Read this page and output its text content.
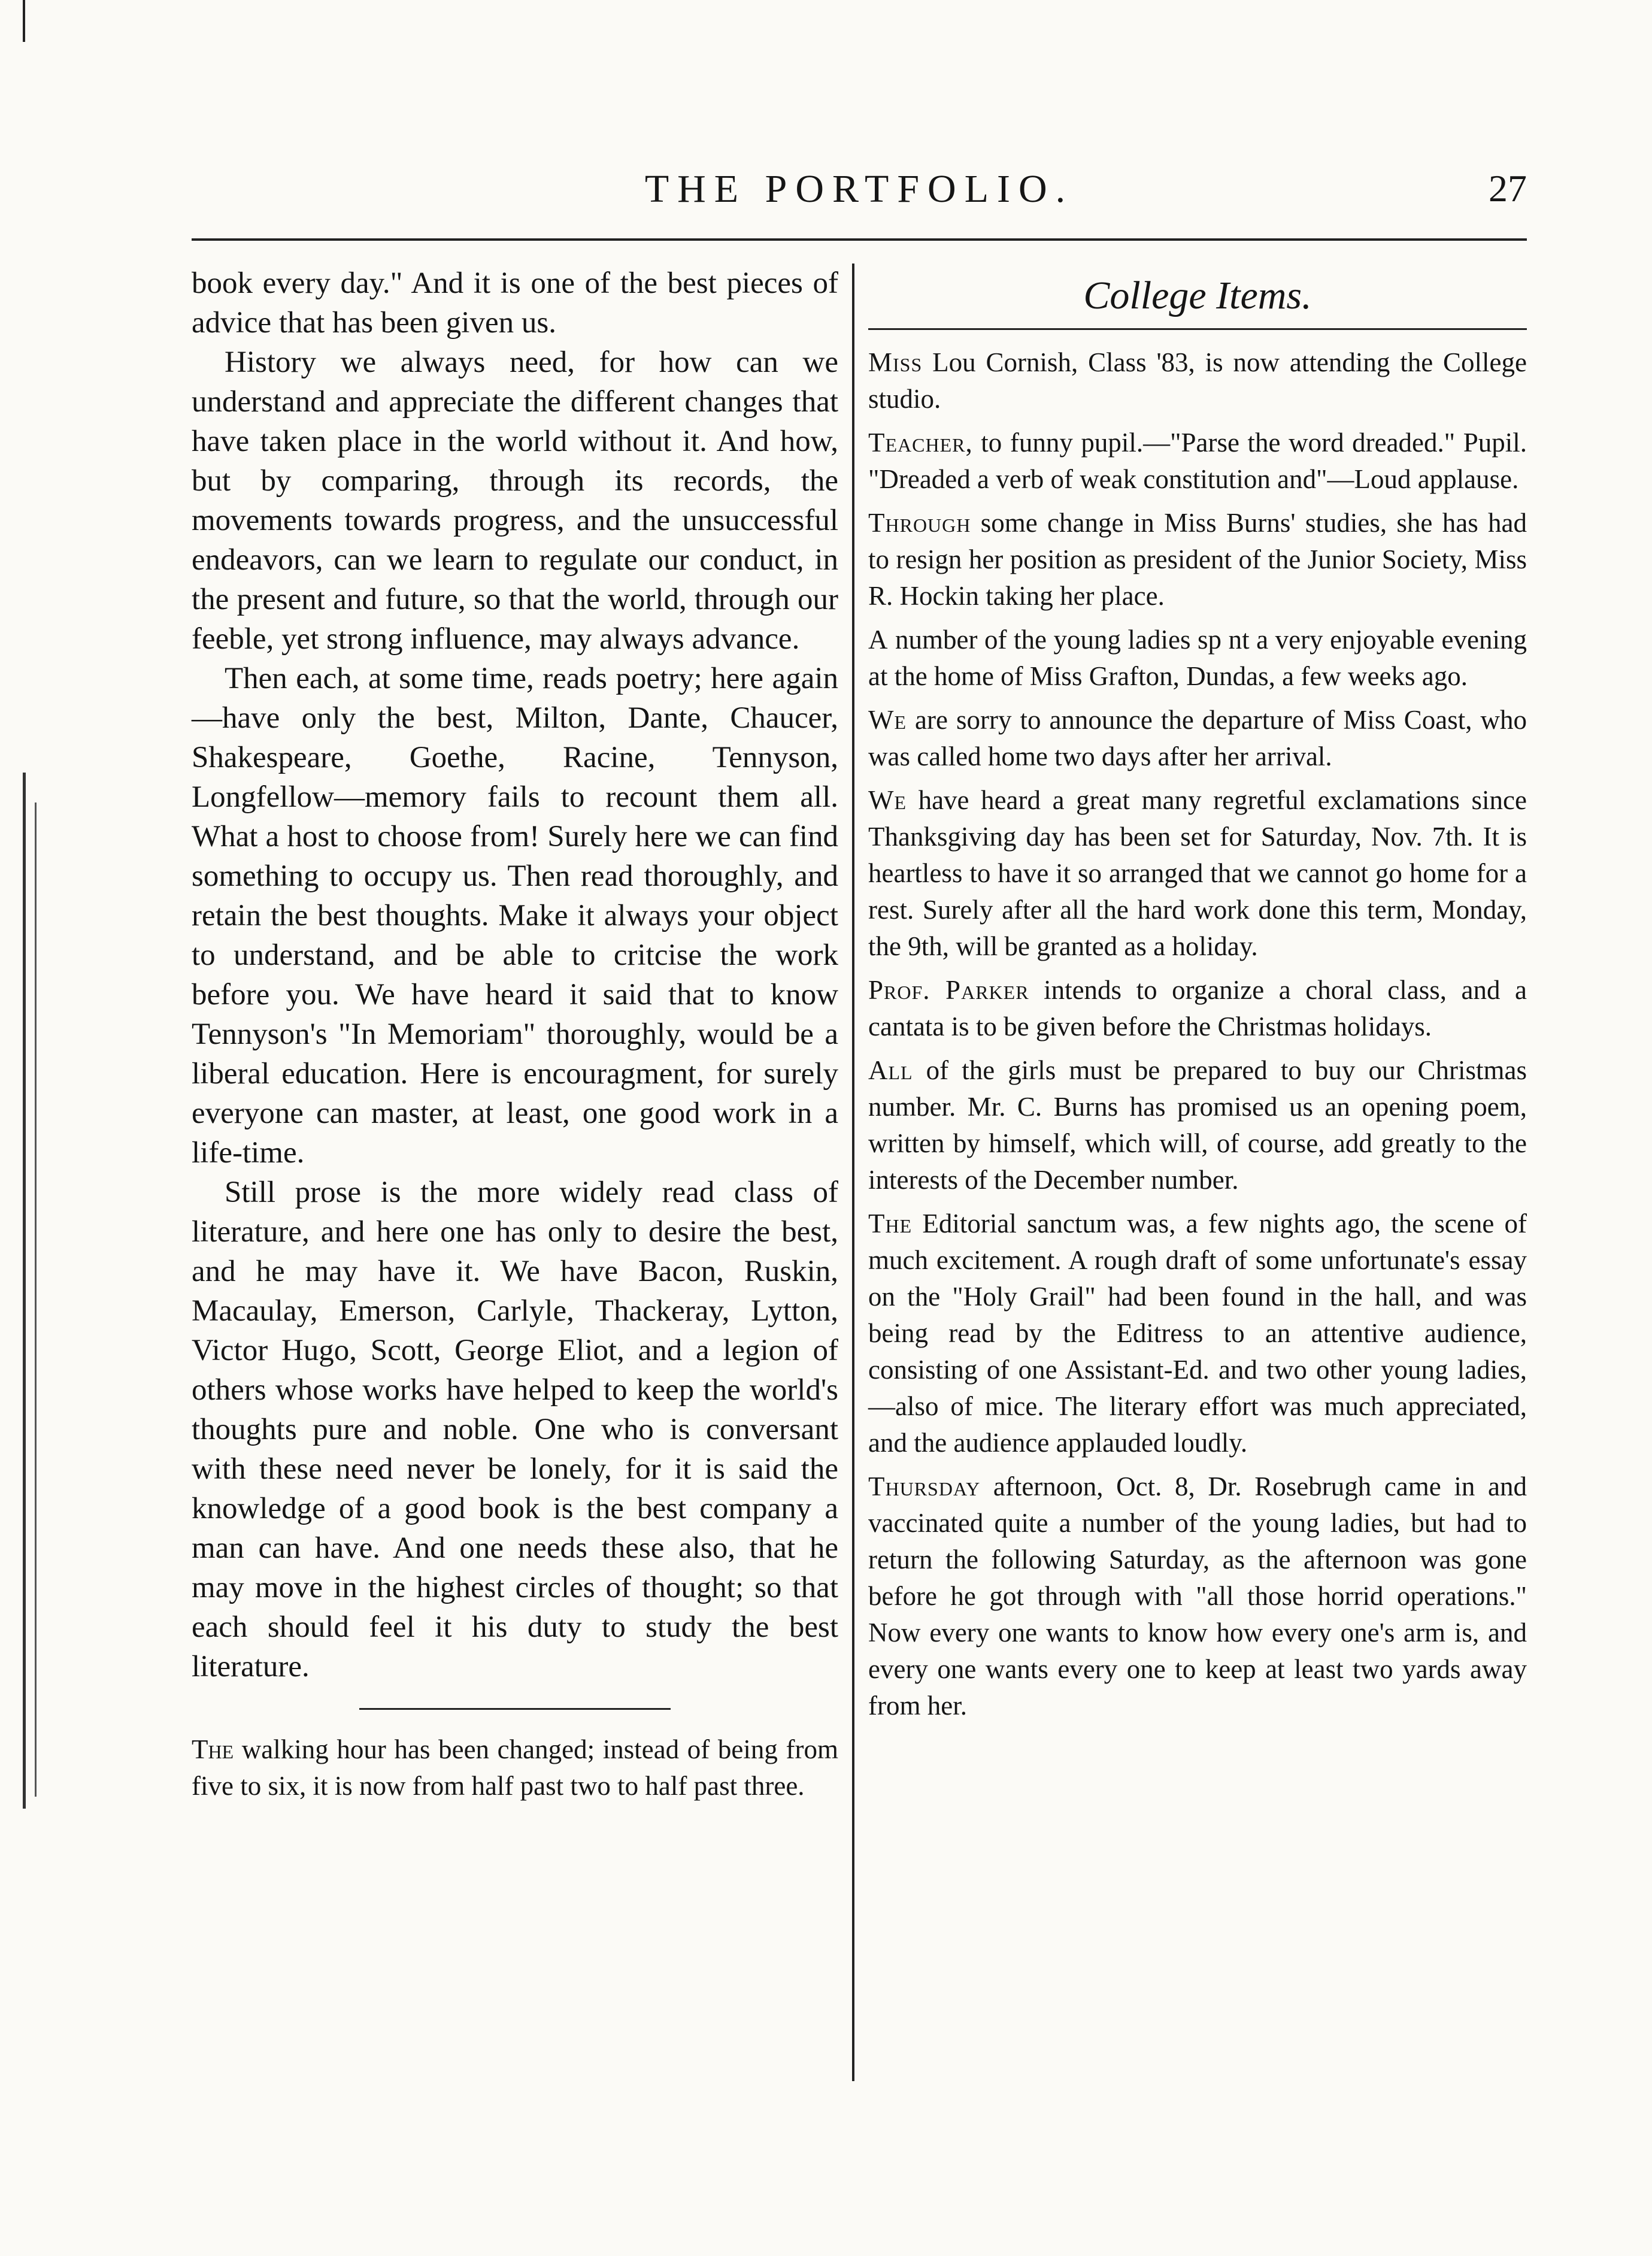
THE PORTFOLIO.	27

book every day." And it is one of the best pieces of advice that has been given us.

History we always need, for how can we understand and appreciate the different changes that have taken place in the world without it. And how, but by comparing, through its records, the movements towards progress, and the unsuccessful endeavors, can we learn to regulate our conduct, in the present and future, so that the world, through our feeble, yet strong influence, may always advance.

Then each, at some time, reads poetry; here again—have only the best, Milton, Dante, Chaucer, Shakespeare, Goethe, Racine, Tennyson, Longfellow—memory fails to recount them all. What a host to choose from! Surely here we can find something to occupy us. Then read thoroughly, and retain the best thoughts. Make it always your object to understand, and be able to critcise the work before you. We have heard it said that to know Tennyson's "In Memoriam" thoroughly, would be a liberal education. Here is encouragment, for surely everyone can master, at least, one good work in a life-time.

Still prose is the more widely read class of literature, and here one has only to desire the best, and he may have it. We have Bacon, Ruskin, Macaulay, Emerson, Carlyle, Thackeray, Lytton, Victor Hugo, Scott, George Eliot, and a legion of others whose works have helped to keep the world's thoughts pure and noble. One who is conversant with these need never be lonely, for it is said the knowledge of a good book is the best company a man can have. And one needs these also, that he may move in the highest circles of thought; so that each should feel it his duty to study the best literature.

The walking hour has been changed; instead of being from five to six, it is now from half past two to half past three.
College Items.

Miss Lou Cornish, Class '83, is now attending the College studio.

Teacher, to funny pupil.—"Parse the word dreaded." Pupil. "Dreaded a verb of weak constitution and"—Loud applause.

Through some change in Miss Burns' studies, she has had to resign her position as president of the Junior Society, Miss R. Hockin taking her place.

A number of the young ladies sp nt a very enjoyable evening at the home of Miss Grafton, Dundas, a few weeks ago.

We are sorry to announce the departure of Miss Coast, who was called home two days after her arrival.

We have heard a great many regretful exclamations since Thanksgiving day has been set for Saturday, Nov. 7th. It is heartless to have it so arranged that we cannot go home for a rest. Surely after all the hard work done this term, Monday, the 9th, will be granted as a holiday.

Prof. Parker intends to organize a choral class, and a cantata is to be given before the Christmas holidays.

All of the girls must be prepared to buy our Christmas number. Mr. C. Burns has promised us an opening poem, written by himself, which will, of course, add greatly to the interests of the December number.

The Editorial sanctum was, a few nights ago, the scene of much excitement. A rough draft of some unfortunate's essay on the "Holy Grail" had been found in the hall, and was being read by the Editress to an attentive audience, consisting of one Assistant-Ed. and two other young ladies,—also of mice. The literary effort was much appreciated, and the audience applauded loudly.

Thursday afternoon, Oct. 8, Dr. Rosebrugh came in and vaccinated quite a number of the young ladies, but had to return the following Saturday, as the afternoon was gone before he got through with "all those horrid operations." Now every one wants to know how every one's arm is, and every one wants every one to keep at least two yards away from her.
